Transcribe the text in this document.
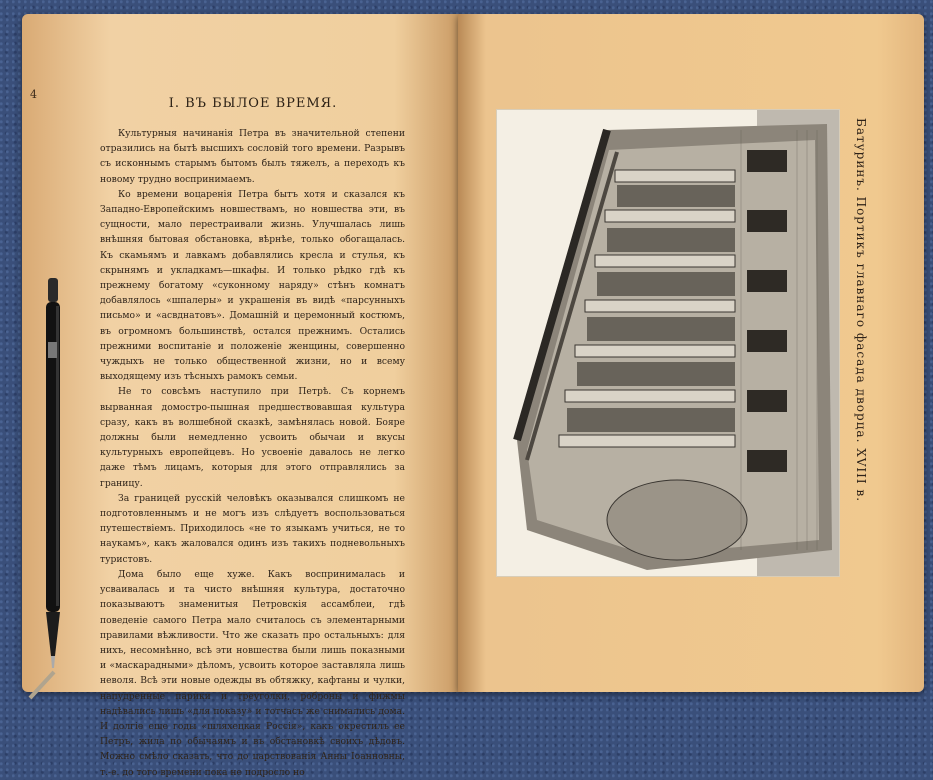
4
I. ВЪ БЫЛОЕ ВРЕМЯ.

Культурныя начинанія Петра въ значительной степени отразились на бытѣ высшихъ сословій того времени. Разрывъ съ исконнымъ старымъ бытомъ былъ тяжелъ, а переходъ къ новому трудно воспринимаемъ.

Ко времени воцаренія Петра бытъ хотя и сказался къ Западно-Европейскимъ новшествамъ, но новшества эти, въ сущности, мало перестраивали жизнь. Улучшалась лишь внѣшняя бытовая обстановка, вѣрнѣе, только обогащалась. Къ скамьямъ и лавкамъ добавлялись кресла и стулья, къ скрынямъ и укладкамъ—шкафы. И только рѣдко гдѣ къ прежнему богатому «суконному наряду» стѣнъ комнатъ добавлялось «шпалеры» и украшенія въ видѣ «парсунныхъ письмо» и «асвднатовъ». Домашній и церемонный костюмъ, въ огромномъ большинствѣ, остался прежнимъ. Остались прежними воспитаніе и положеніе женщины, совершенно чуждыхъ не только общественной жизни, но и всему выходящему изъ тѣсныхъ рамокъ семьи.

Не то совсѣмъ наступило при Петрѣ. Съ корнемъ вырванная домостро-пышная предшествовавшая культура сразу, какъ въ волшебной сказкѣ, замѣнялась новой. Бояре должны были немедленно усвоить обычаи и вкусы культурныхъ европейцевъ. Но усвоеніе давалось не легко даже тѣмъ лицамъ, которыя для этого отправлялись за границу.

За границей русскій человѣкъ оказывался слишкомъ не подготовленнымъ и не могъ изъ слѣдуетъ воспользоваться путешествіемъ. Приходилось «не то языкамъ учиться, не то наукамъ», какъ жаловался одинъ изъ такихъ подневольныхъ туристовъ.

Дома было еще хуже. Какъ воспринималась и усваивалась и та чисто внѣшняя культура, достаточно показываютъ знаменитыя Петровскія ассамблеи, гдѣ поведеніе самого Петра мало считалось съ элементарными правилами вѣжливости. Что же сказать про остальныхъ: для нихъ, несомнѣнно, всѣ эти новшества были лишь показными и «маскарадными» дѣломъ, усвоить которое заставляла лишь неволя. Всѣ эти новые одежды въ обтяжку, кафтаны и чулки, напудренные парики и треуголки, роброны и фижмы надѣвались лишь «для показу» и тотчасъ же снимались дома. И долгіе еще годы «шляхецкая Россія», какъ окрестилъ ее Петръ, жила по обычаямъ и въ обстановкѣ своихъ дѣдовъ. Можно смѣло сказать, что до царствованія Анны Іоанновны, т.-е. до того времени пока не подросло но

Батуринъ. Портикъ главнаго фасада дворца. XVIII в.
